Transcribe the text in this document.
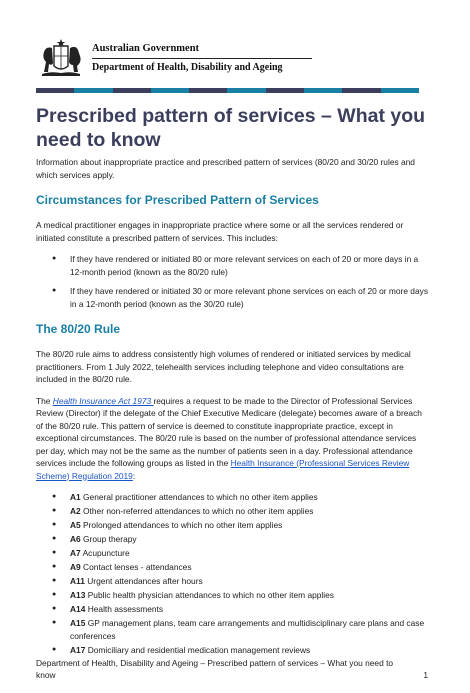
Australian Government
Department of Health, Disability and Ageing
Prescribed pattern of services – What you need to know

Information about inappropriate practice and prescribed pattern of services (80/20 and 30/20 rules and which services apply.

Circumstances for Prescribed Pattern of Services

A medical practitioner engages in inappropriate practice where some or all the services rendered or initiated constitute a prescribed pattern of services. This includes:

● If they have rendered or initiated 80 or more relevant services on each of 20 or more days in a 12-month period (known as the 80/20 rule)
● If they have rendered or initiated 30 or more relevant phone services on each of 20 or more days in a 12-month period (known as the 30/20 rule)
The 80/20 Rule

The 80/20 rule aims to address consistently high volumes of rendered or initiated services by medical practitioners. From 1 July 2022, telehealth services including telephone and video consultations are included in the 80/20 rule.

The Health Insurance Act 1973 requires a request to be made to the Director of Professional Services Review (Director) if the delegate of the Chief Executive Medicare (delegate) becomes aware of a breach of the 80/20 rule. This pattern of service is deemed to constitute inappropriate practice, except in exceptional circumstances. The 80/20 rule is based on the number of professional attendance services per day, which may not be the same as the number of patients seen in a day. Professional attendance services include the following groups as listed in the Health Insurance (Professional Services Review Scheme) Regulation 2019:

● A1 General practitioner attendances to which no other item applies
● A2 Other non-referred attendances to which no other item applies
● A5 Prolonged attendances to which no other item applies
● A6 Group therapy
● A7 Acupuncture
● A9 Contact lenses - attendances
● A11 Urgent attendances after hours
● A13 Public health physician attendances to which no other item applies
● A14 Health assessments
● A15 GP management plans, team care arrangements and multidisciplinary care plans and case conferences
● A17 Domiciliary and residential medication management reviews
Department of Health, Disability and Ageing – Prescribed pattern of services – What you need to know	1
